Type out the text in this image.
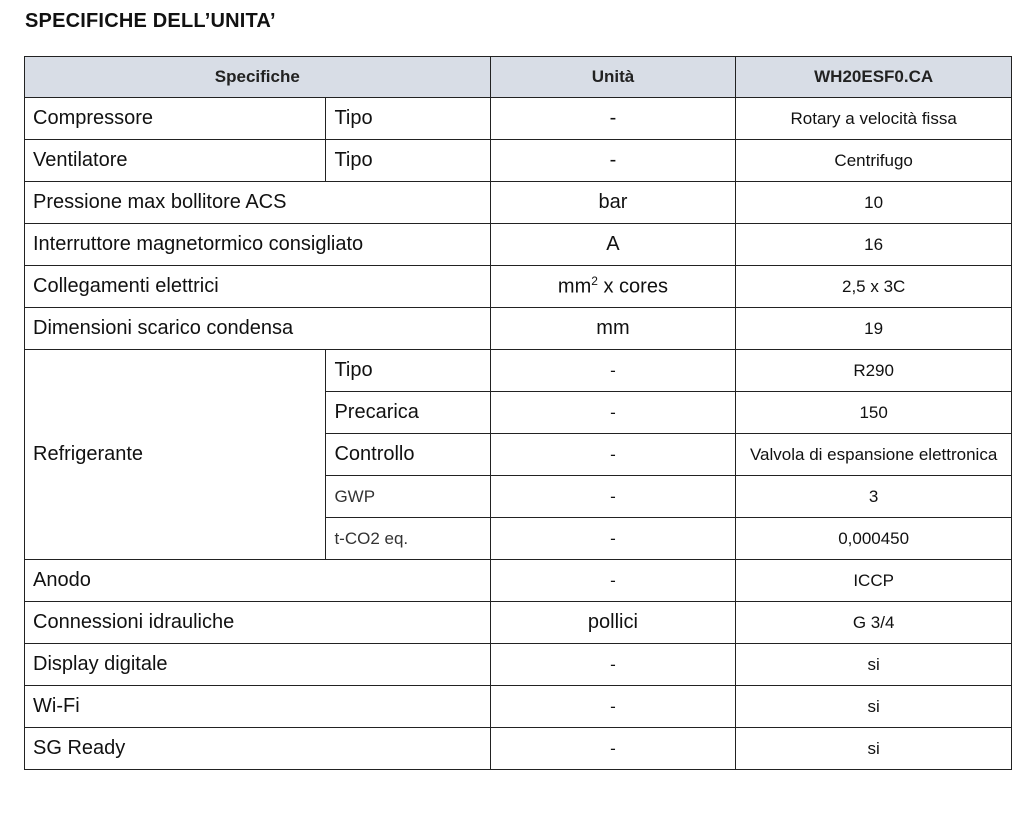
SPECIFICHE DELL’UNITA’
Specifiche		Unità	WH20ESF0.CA
Compressore	Tipo	-	Rotary a velocità fissa
Ventilatore	Tipo	-	Centrifugo
Pressione max bollitore ACS		bar	10
Interruttore magnetormico consigliato		A	16
Collegamenti elettrici		$mm^2$ x cores	2,5 x 3C
Dimensioni scarico condensa		mm	19
Refrigerante	Tipo	-	R290
	Precarica	-	150
	Controllo	-	Valvola di espansione elettronica
	GWP	-	3
	t-CO2 eq.	-	0,000450
Anodo		-	ICCP
Connessioni idrauliche		pollici	G 3/4
Display digitale		-	si
Wi-Fi		-	si
SG Ready		-	si
